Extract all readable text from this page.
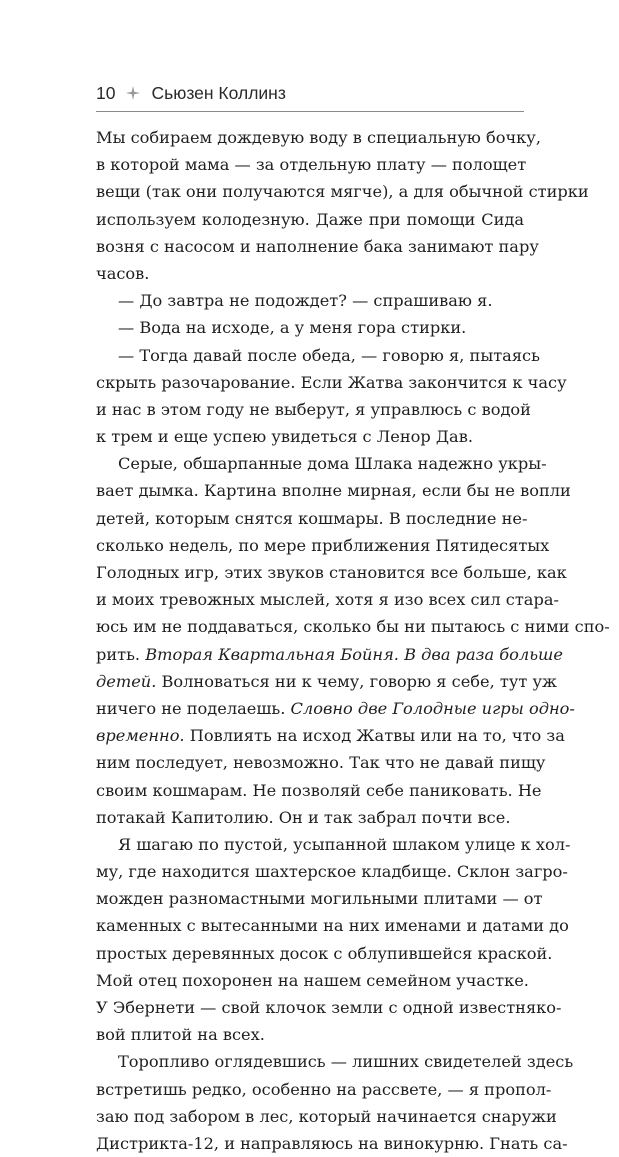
10 Сьюзен Коллинз
Мы собираем дождевую воду в специальную бочку,
в которой мама — за отдельную плату — полощет
вещи (так они получаются мягче), а для обычной стирки
используем колодезную. Даже при помощи Сида
возня с насосом и наполнение бака занимают пару
часов.
— До завтра не подождет? — спрашиваю я.
— Вода на исходе, а у меня гора стирки.
— Тогда давай после обеда, — говорю я, пытаясь
скрыть разочарование. Если Жатва закончится к часу
и нас в этом году не выберут, я управлюсь с водой
к трем и еще успею увидеться с Ленор Дав.
Серые, обшарпанные дома Шлака надежно укры-
вает дымка. Картина вполне мирная, если бы не вопли
детей, которым снятся кошмары. В последние не-
сколько недель, по мере приближения Пятидесятых
Голодных игр, этих звуков становится все больше, как
и моих тревожных мыслей, хотя я изо всех сил стара-
юсь им не поддаваться, сколько бы ни пытаюсь с ними спо-
рить. Вторая Квартальная Бойня. В два раза больше
детей. Волноваться ни к чему, говорю я себе, тут уж
ничего не поделаешь. Словно две Голодные игры одно-
временно. Повлиять на исход Жатвы или на то, что за
ним последует, невозможно. Так что не давай пищу
своим кошмарам. Не позволяй себе паниковать. Не
потакай Капитолию. Он и так забрал почти все.
Я шагаю по пустой, усыпанной шлаком улице к хол-
му, где находится шахтерское кладбище. Склон загро-
можден разномастными могильными плитами — от
каменных с вытесанными на них именами и датами до
простых деревянных досок с облупившейся краской.
Мой отец похоронен на нашем семейном участке.
У Эбернети — свой клочок земли с одной известняко-
вой плитой на всех.
Торопливо оглядевшись — лишних свидетелей здесь
встретишь редко, особенно на рассвете, — я пропол-
заю под забором в лес, который начинается снаружи
Дистрикта-12, и направляюсь на винокурню. Гнать са-
